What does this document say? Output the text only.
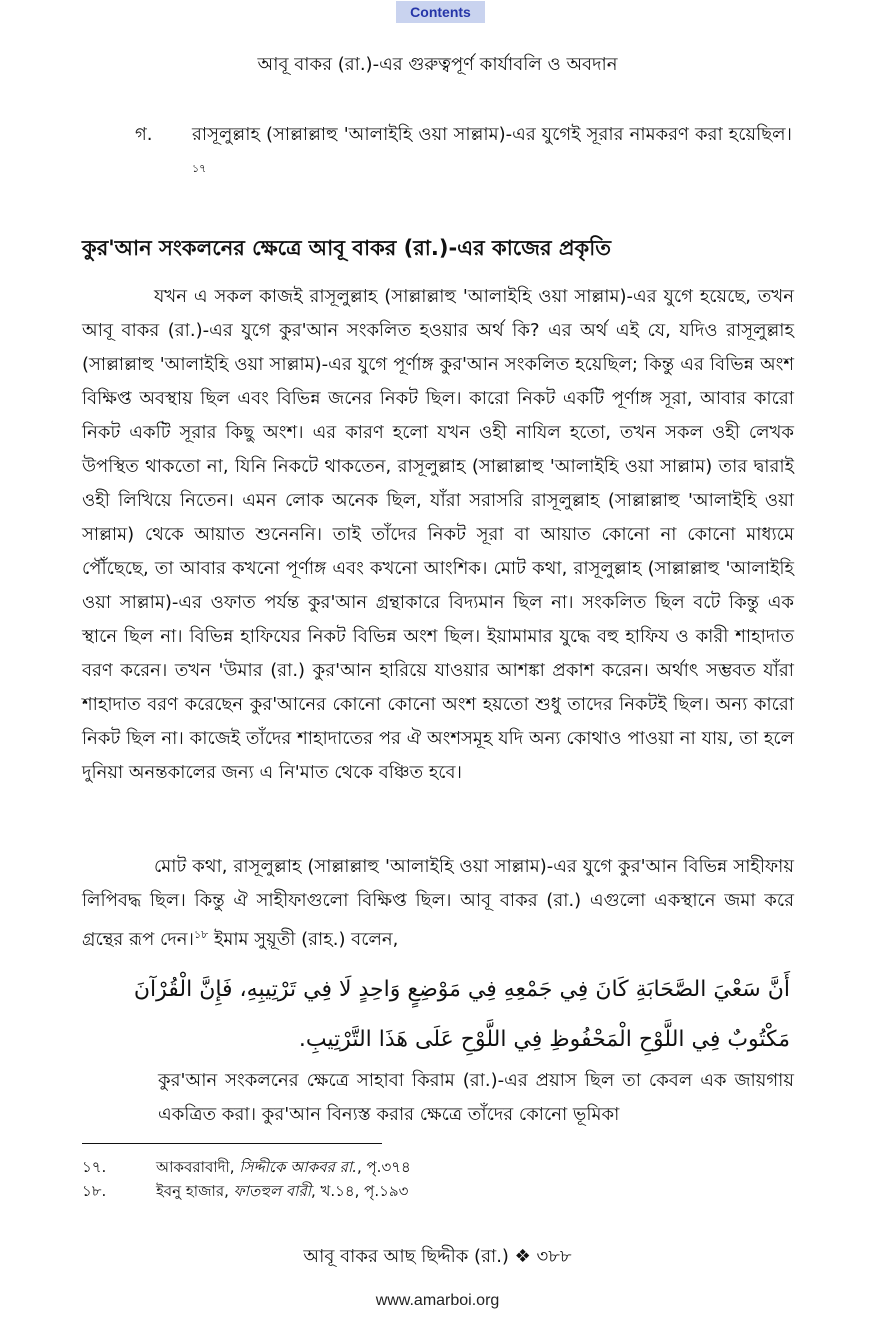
Contents
আবূ বাকর (রা.)-এর গুরুত্বপূর্ণ কার্যাবলি ও অবদান
গ. রাসূলুল্লাহ (সাল্লাল্লাহু 'আলাইহি ওয়া সাল্লাম)-এর যুগেই সূরার নামকরণ করা হয়েছিল।$^{১৭}$
কুর'আন সংকলনের ক্ষেত্রে আবূ বাকর (রা.)-এর কাজের প্রকৃতি

যখন এ সকল কাজই রাসূলুল্লাহ (সাল্লাল্লাহু 'আলাইহি ওয়া সাল্লাম)-এর যুগে হয়েছে, তখন আবূ বাকর (রা.)-এর যুগে কুর'আন সংকলিত হওয়ার অর্থ কি? এর অর্থ এই যে, যদিও রাসূলুল্লাহ (সাল্লাল্লাহু 'আলাইহি ওয়া সাল্লাম)-এর যুগে পূর্ণাঙ্গ কুর'আন সংকলিত হয়েছিল; কিন্তু এর বিভিন্ন অংশ বিক্ষিপ্ত অবস্থায় ছিল এবং বিভিন্ন জনের নিকট ছিল। কারো নিকট একটি পূর্ণাঙ্গ সূরা, আবার কারো নিকট একটি সূরার কিছু অংশ। এর কারণ হলো যখন ওহী নাযিল হতো, তখন সকল ওহী লেখক উপস্থিত থাকতো না, যিনি নিকটে থাকতেন, রাসূলুল্লাহ (সাল্লাল্লাহু 'আলাইহি ওয়া সাল্লাম) তার দ্বারাই ওহী লিখিয়ে নিতেন। এমন লোক অনেক ছিল, যাঁরা সরাসরি রাসূলুল্লাহ (সাল্লাল্লাহু 'আলাইহি ওয়া সাল্লাম) থেকে আয়াত শুনেননি। তাই তাঁদের নিকট সূরা বা আয়াত কোনো না কোনো মাধ্যমে পৌঁছেছে, তা আবার কখনো পূর্ণাঙ্গ এবং কখনো আংশিক। মোট কথা, রাসূলুল্লাহ (সাল্লাল্লাহু 'আলাইহি ওয়া সাল্লাম)-এর ওফাত পর্যন্ত কুর'আন গ্রন্থাকারে বিদ্যমান ছিল না। সংকলিত ছিল বটে কিন্তু এক স্থানে ছিল না। বিভিন্ন হাফিযের নিকট বিভিন্ন অংশ ছিল। ইয়ামামার যুদ্ধে বহু হাফিয ও কারী শাহাদাত বরণ করেন। তখন 'উমার (রা.) কুর'আন হারিয়ে যাওয়ার আশঙ্কা প্রকাশ করেন। অর্থাৎ সম্ভবত যাঁরা শাহাদাত বরণ করেছেন কুর'আনের কোনো কোনো অংশ হয়তো শুধু তাদের নিকটই ছিল। অন্য কারো নিকট ছিল না। কাজেই তাঁদের শাহাদাতের পর ঐ অংশসমূহ যদি অন্য কোথাও পাওয়া না যায়, তা হলে দুনিয়া অনন্তকালের জন্য এ নি'মাত থেকে বঞ্চিত হবে।

মোট কথা, রাসূলুল্লাহ (সাল্লাল্লাহু 'আলাইহি ওয়া সাল্লাম)-এর যুগে কুর'আন বিভিন্ন সাহীফায় লিপিবদ্ধ ছিল। কিন্তু ঐ সাহীফাগুলো বিক্ষিপ্ত ছিল। আবূ বাকর (রা.) এগুলো একস্থানে জমা করে গ্রন্থের রূপ দেন।$^{১৮}$ ইমাম সুয়ূতী (রাহ.) বলেন,

أَنَّ سَعْيَ الصَّحَابَةِ كَانَ فِي جَمْعِهِ فِي مَوْضِعٍ وَاحِدٍ لَا فِي تَرْتِيبِهِ، فَإِنَّ الْقُرْآنَ
مَكْتُوبٌ فِي اللَّوْحِ الْمَحْفُوظِ فِي اللَّوْحِ عَلَى هَذَا التَّرْتِيبِ.

কুর'আন সংকলনের ক্ষেত্রে সাহাবা কিরাম (রা.)-এর প্রয়াস ছিল তা কেবল এক জায়গায় একত্রিত করা। কুর'আন বিন্যস্ত করার ক্ষেত্রে তাঁদের কোনো ভূমিকা

১৭.	আকবরাবাদী, সিদ্দীকে আকবর রা., পৃ.৩৭৪
১৮.	ইবনু হাজার, ফাতহুল বারী, খ.১৪, পৃ.১৯৩
আবূ বাকর আছ ছিদ্দীক (রা.) ❖ ৩৮৮
www.amarboi.org
